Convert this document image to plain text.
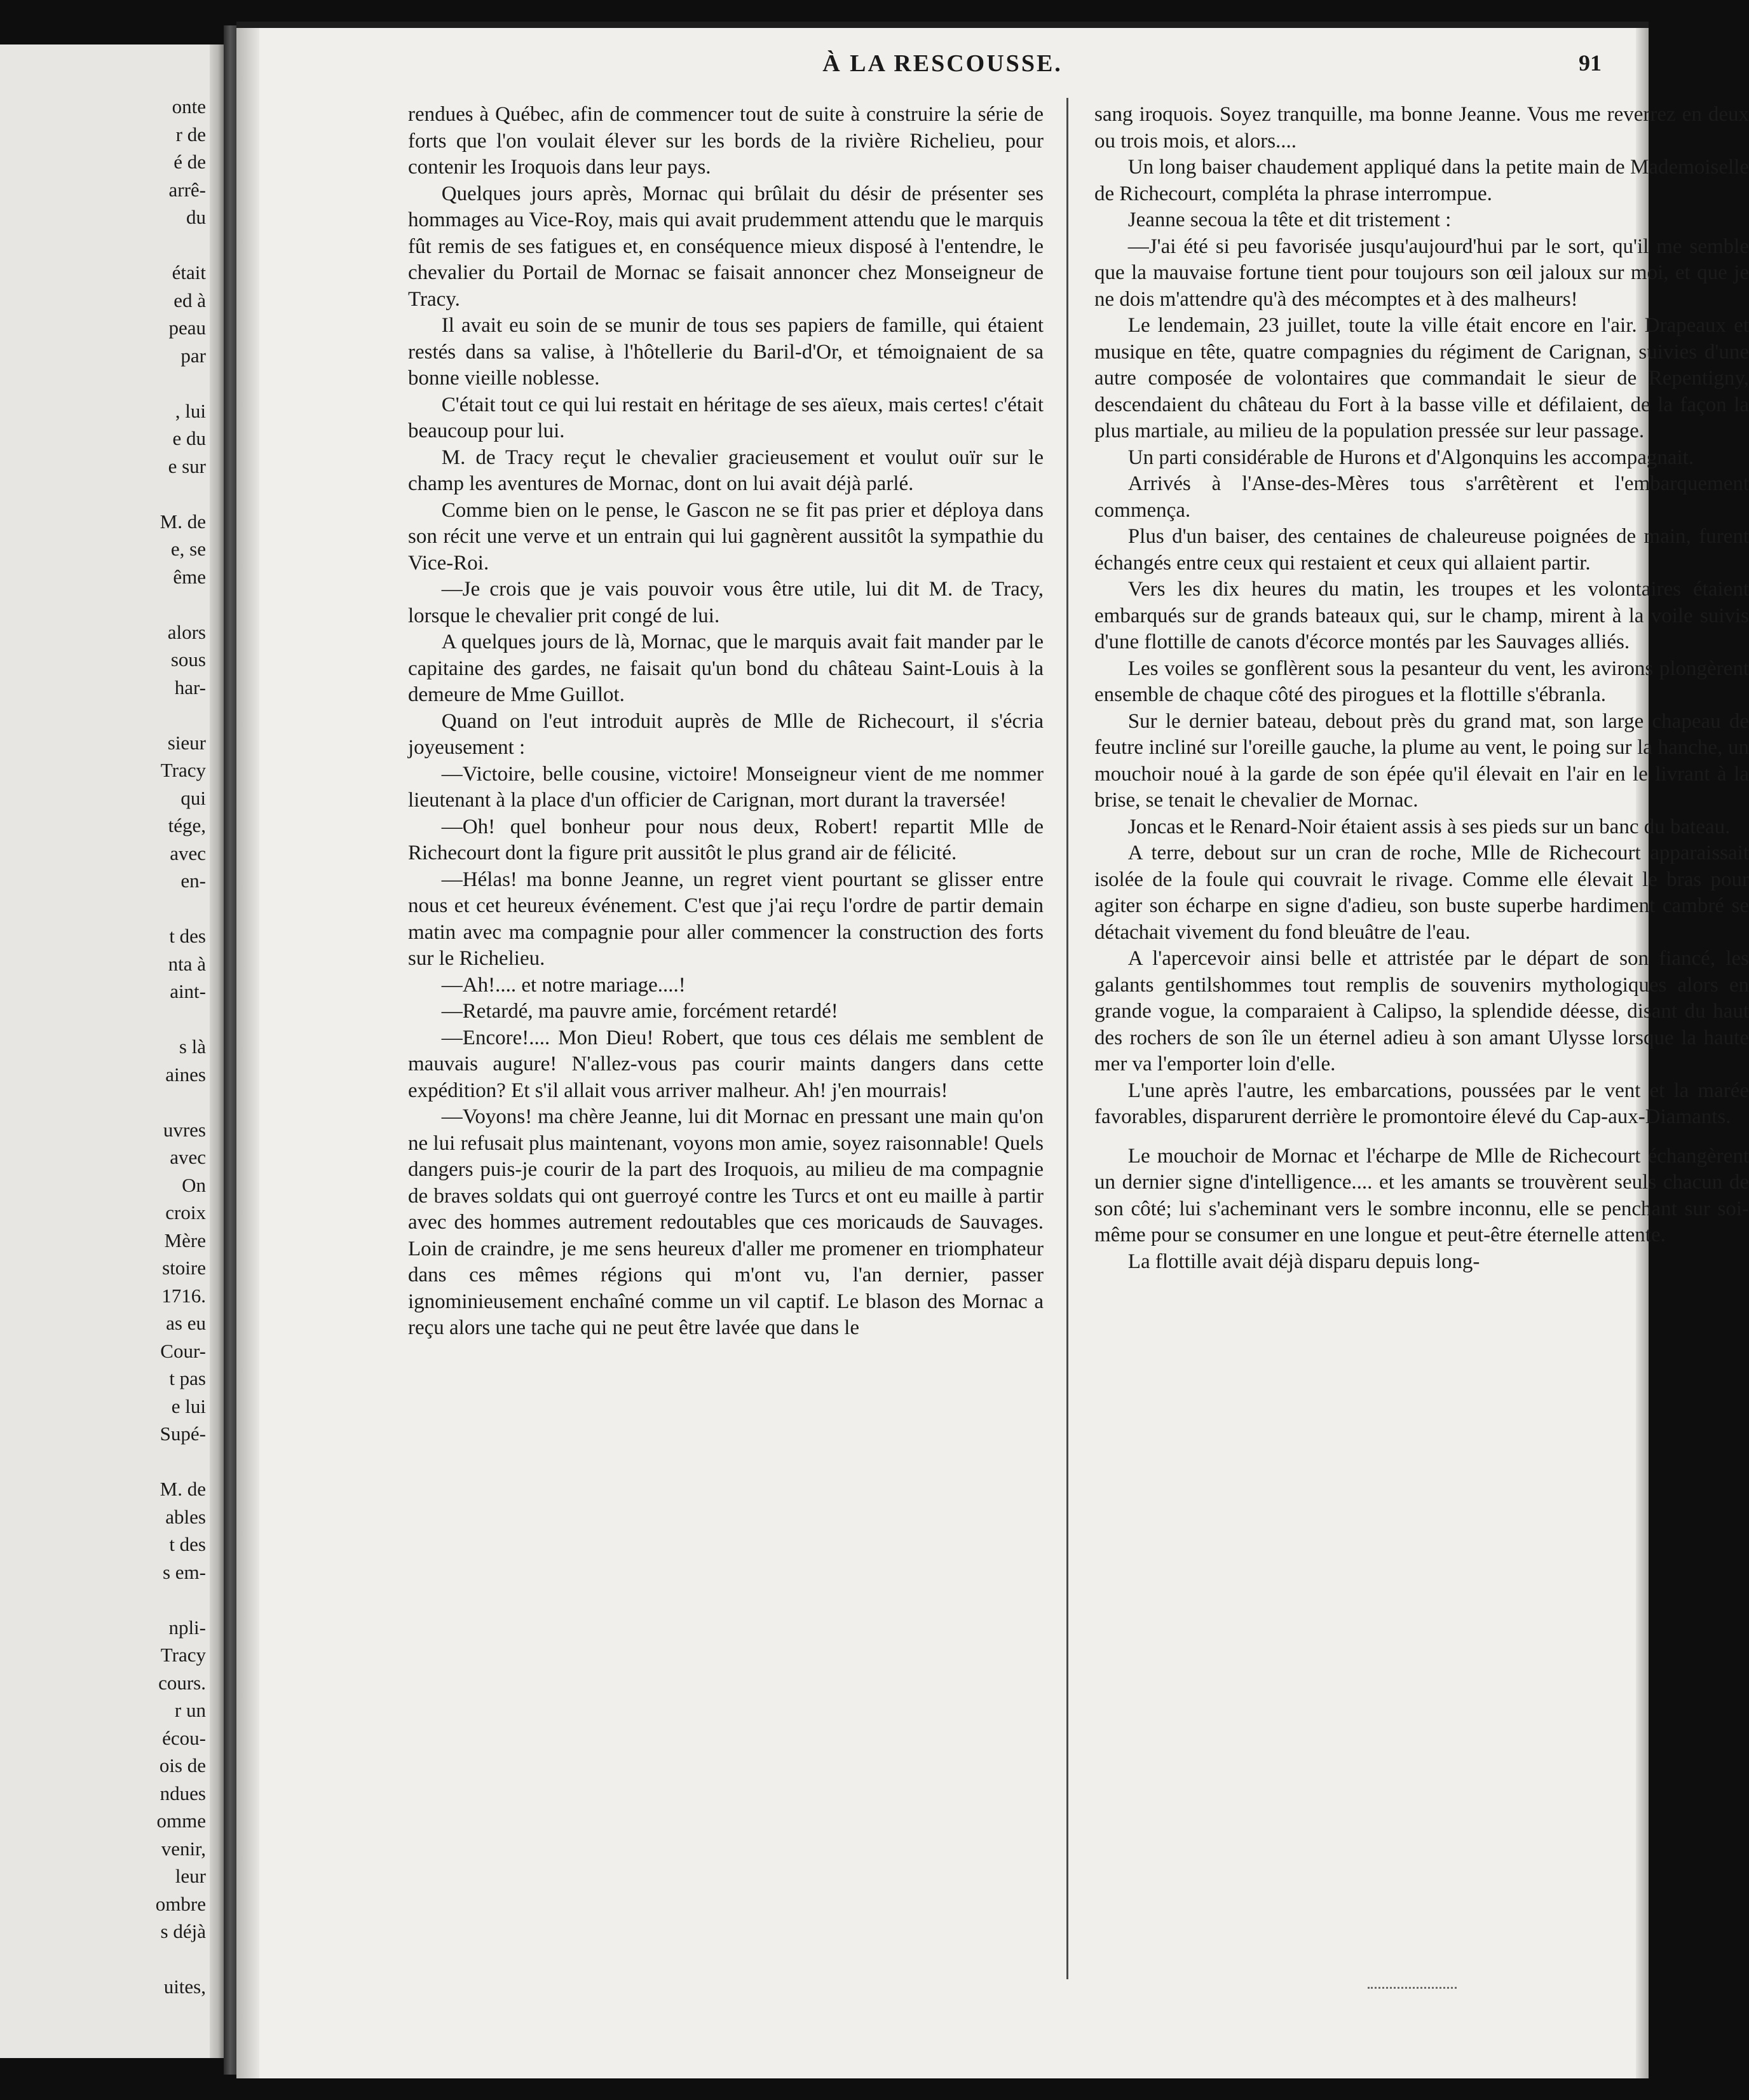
onte
r de
é de
arrê-
du
était
ed à
peau
par
, lui
e du
e sur
M. de
e, se
ême
alors
sous
har-
sieur
Tracy
qui
tége,
avec
en-
t des
nta à
aint-
s là
aines
uvres
avec
On
croix
Mère
stoire
1716.
as eu
Cour-
t pas
e lui
Supé-
M. de
ables
t des
s em-
npli-
Tracy
cours.
r un
écou-
ois de
ndues
omme
venir,
leur
ombre
s déjà
uites,
À LA RESCOUSSE.	91

rendues à Québec, afin de commencer tout de suite à construire la série de forts que l'on voulait élever sur les bords de la rivière Richelieu, pour contenir les Iroquois dans leur pays.

Quelques jours après, Mornac qui brûlait du désir de présenter ses hommages au Vice-Roy, mais qui avait prudemment attendu que le marquis fût remis de ses fatigues et, en conséquence mieux disposé à l'entendre, le chevalier du Portail de Mornac se faisait annoncer chez Monseigneur de Tracy.

Il avait eu soin de se munir de tous ses papiers de famille, qui étaient restés dans sa valise, à l'hôtellerie du Baril-d'Or, et témoignaient de sa bonne vieille noblesse.

C'était tout ce qui lui restait en héritage de ses aïeux, mais certes! c'était beaucoup pour lui.

M. de Tracy reçut le chevalier gracieusement et voulut ouïr sur le champ les aventures de Mornac, dont on lui avait déjà parlé.

Comme bien on le pense, le Gascon ne se fit pas prier et déploya dans son récit une verve et un entrain qui lui gagnèrent aussitôt la sympathie du Vice-Roi.

—Je crois que je vais pouvoir vous être utile, lui dit M. de Tracy, lorsque le chevalier prit congé de lui.

A quelques jours de là, Mornac, que le marquis avait fait mander par le capitaine des gardes, ne faisait qu'un bond du château Saint-Louis à la demeure de Mme Guillot.

Quand on l'eut introduit auprès de Mlle de Richecourt, il s'écria joyeusement :

—Victoire, belle cousine, victoire! Monseigneur vient de me nommer lieutenant à la place d'un officier de Carignan, mort durant la traversée!

—Oh! quel bonheur pour nous deux, Robert! repartit Mlle de Richecourt dont la figure prit aussitôt le plus grand air de félicité.

—Hélas! ma bonne Jeanne, un regret vient pourtant se glisser entre nous et cet heureux événement. C'est que j'ai reçu l'ordre de partir demain matin avec ma compagnie pour aller commencer la construction des forts sur le Richelieu.

—Ah!.... et notre mariage....!

—Retardé, ma pauvre amie, forcément retardé!

—Encore!.... Mon Dieu! Robert, que tous ces délais me semblent de mauvais augure! N'allez-vous pas courir maints dangers dans cette expédition? Et s'il allait vous arriver malheur. Ah! j'en mourrais!

—Voyons! ma chère Jeanne, lui dit Mornac en pressant une main qu'on ne lui refusait plus maintenant, voyons mon amie, soyez raisonnable! Quels dangers puis-je courir de la part des Iroquois, au milieu de ma compagnie de braves soldats qui ont guerroyé contre les Turcs et ont eu maille à partir avec des hommes autrement redoutables que ces moricauds de Sauvages. Loin de craindre, je me sens heureux d'aller me promener en triomphateur dans ces mêmes régions qui m'ont vu, l'an dernier, passer ignominieusement enchaîné comme un vil captif. Le blason des Mornac a reçu alors une tache qui ne peut être lavée que dans le

sang iroquois. Soyez tranquille, ma bonne Jeanne. Vous me reverrez en deux ou trois mois, et alors....

Un long baiser chaudement appliqué dans la petite main de Mademoiselle de Richecourt, compléta la phrase interrompue.

Jeanne secoua la tête et dit tristement :

—J'ai été si peu favorisée jusqu'aujourd'hui par le sort, qu'il me semble que la mauvaise fortune tient pour toujours son œil jaloux sur moi, et que je ne dois m'attendre qu'à des mécomptes et à des malheurs!

Le lendemain, 23 juillet, toute la ville était encore en l'air. Drapeaux et musique en tête, quatre compagnies du régiment de Carignan, suivies d'une autre composée de volontaires que commandait le sieur de Repentigny, descendaient du château du Fort à la basse ville et défilaient, de la façon la plus martiale, au milieu de la population pressée sur leur passage.

Un parti considérable de Hurons et d'Algonquins les accompagnait.

Arrivés à l'Anse-des-Mères tous s'arrêtèrent et l'embarquement commença.

Plus d'un baiser, des centaines de chaleureuse poignées de main, furent échangés entre ceux qui restaient et ceux qui allaient partir.

Vers les dix heures du matin, les troupes et les volontaires étaient embarqués sur de grands bateaux qui, sur le champ, mirent à la voile suivis d'une flottille de canots d'écorce montés par les Sauvages alliés.

Les voiles se gonflèrent sous la pesanteur du vent, les avirons plongèrent ensemble de chaque côté des pirogues et la flottille s'ébranla.

Sur le dernier bateau, debout près du grand mat, son large chapeau de feutre incliné sur l'oreille gauche, la plume au vent, le poing sur la hanche, un mouchoir noué à la garde de son épée qu'il élevait en l'air en le livrant à la brise, se tenait le chevalier de Mornac.

Joncas et le Renard-Noir étaient assis à ses pieds sur un banc du bateau.

A terre, debout sur un cran de roche, Mlle de Richecourt apparaissait isolée de la foule qui couvrait le rivage. Comme elle élevait le bras pour agiter son écharpe en signe d'adieu, son buste superbe hardiment cambré se détachait vivement du fond bleuâtre de l'eau.

A l'apercevoir ainsi belle et attristée par le départ de son fiancé, les galants gentilshommes tout remplis de souvenirs mythologiques alors en grande vogue, la comparaient à Calipso, la splendide déesse, disant du haut des rochers de son île un éternel adieu à son amant Ulysse lorsque la haute mer va l'emporter loin d'elle.

L'une après l'autre, les embarcations, poussées par le vent et la marée favorables, disparurent derrière le promontoire élevé du Cap-aux-Diamants.

Le mouchoir de Mornac et l'écharpe de Mlle de Richecourt échangèrent un dernier signe d'intelligence.... et les amants se trouvèrent seuls chacun de son côté; lui s'acheminant vers le sombre inconnu, elle se penchant sur soi-même pour se consumer en une longue et peut-être éternelle attente.

La flottille avait déjà disparu depuis long-
